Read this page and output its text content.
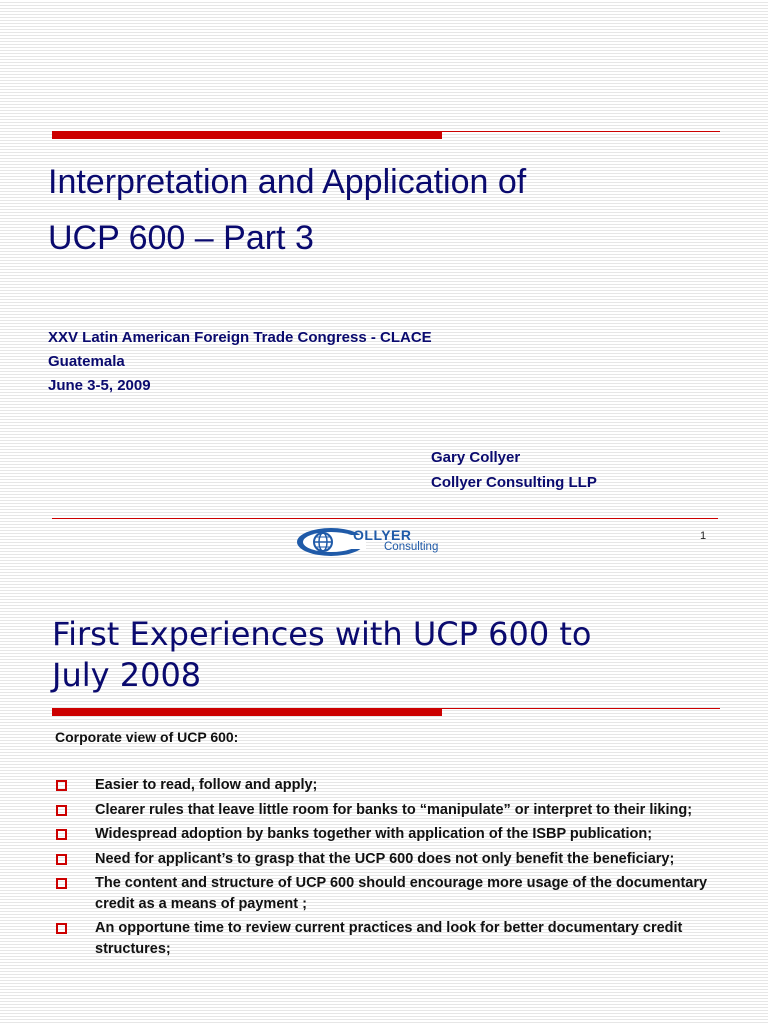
Interpretation and Application of
UCP 600 – Part 3
XXV Latin American Foreign Trade Congress - CLACE
Guatemala
June 3-5, 2009
Gary Collyer
Collyer Consulting LLP
OLLYER
Consulting
1
First Experiences with UCP 600 to
July 2008
Corporate view of UCP 600:
Easier to read, follow and apply;
Clearer rules that leave little room for banks to “manipulate” or interpret to their liking;
Widespread adoption by banks together with application of the ISBP publication;
Need for applicant’s to grasp that the UCP 600 does not only benefit the beneficiary;
The content and structure of UCP 600 should encourage more usage of the documentary credit as a means of payment ;
An opportune time to review current practices and look for better documentary credit structures;
